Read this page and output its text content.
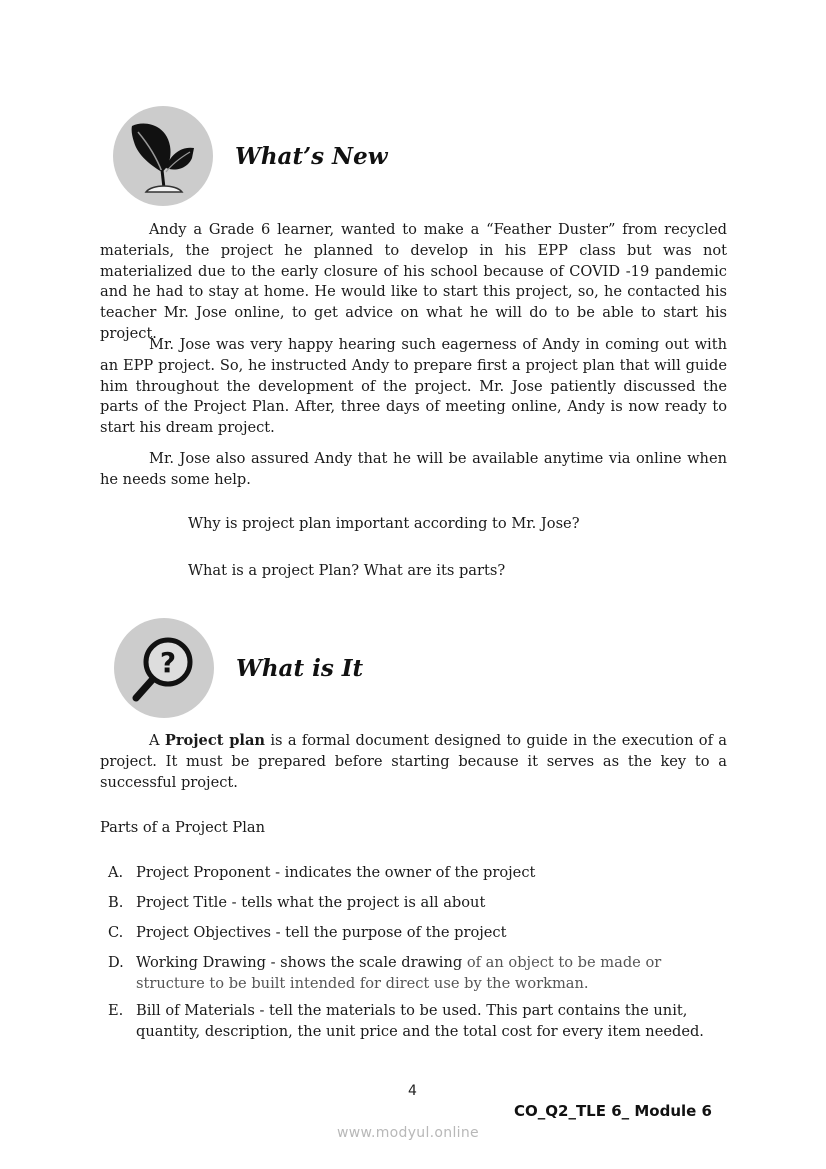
What’s New

Andy a Grade 6 learner, wanted to make a “Feather Duster” from recycled materials, the project he planned to develop in his EPP class but was not materialized due to the early closure of his school because of COVID -19 pandemic and he had to stay at home. He would like to start this project, so, he contacted his teacher Mr. Jose online, to get advice on what he will do to be able to start his project.

Mr. Jose was very happy hearing such eagerness of Andy in coming out with an EPP project. So, he instructed Andy to prepare first a project plan that will guide him throughout the development of the project. Mr. Jose patiently discussed the parts of the Project Plan. After, three days of meeting online, Andy is now ready to start his dream project.

Mr. Jose also assured Andy that he will be available anytime via online when he needs some help.

Why is project plan important according to Mr. Jose?
What is a project Plan? What are its parts?
?	What is It

A Project plan is a formal document designed to guide in the execution of a project. It must be prepared before starting because it serves as the key to a successful project.

Parts of a Project Plan
A. Project Proponent - indicates the owner of the project
B. Project Title - tells what the project is all about
C. Project Objectives - tell the purpose of the project
D. Working Drawing - shows the scale drawing of an object to be made or structure to be built intended for direct use by the workman.
E. Bill of Materials - tell the materials to be used. This part contains the unit, quantity, description, the unit price and the total cost for every item needed.
4
CO_Q2_TLE 6_ Module 6
www.modyul.online
